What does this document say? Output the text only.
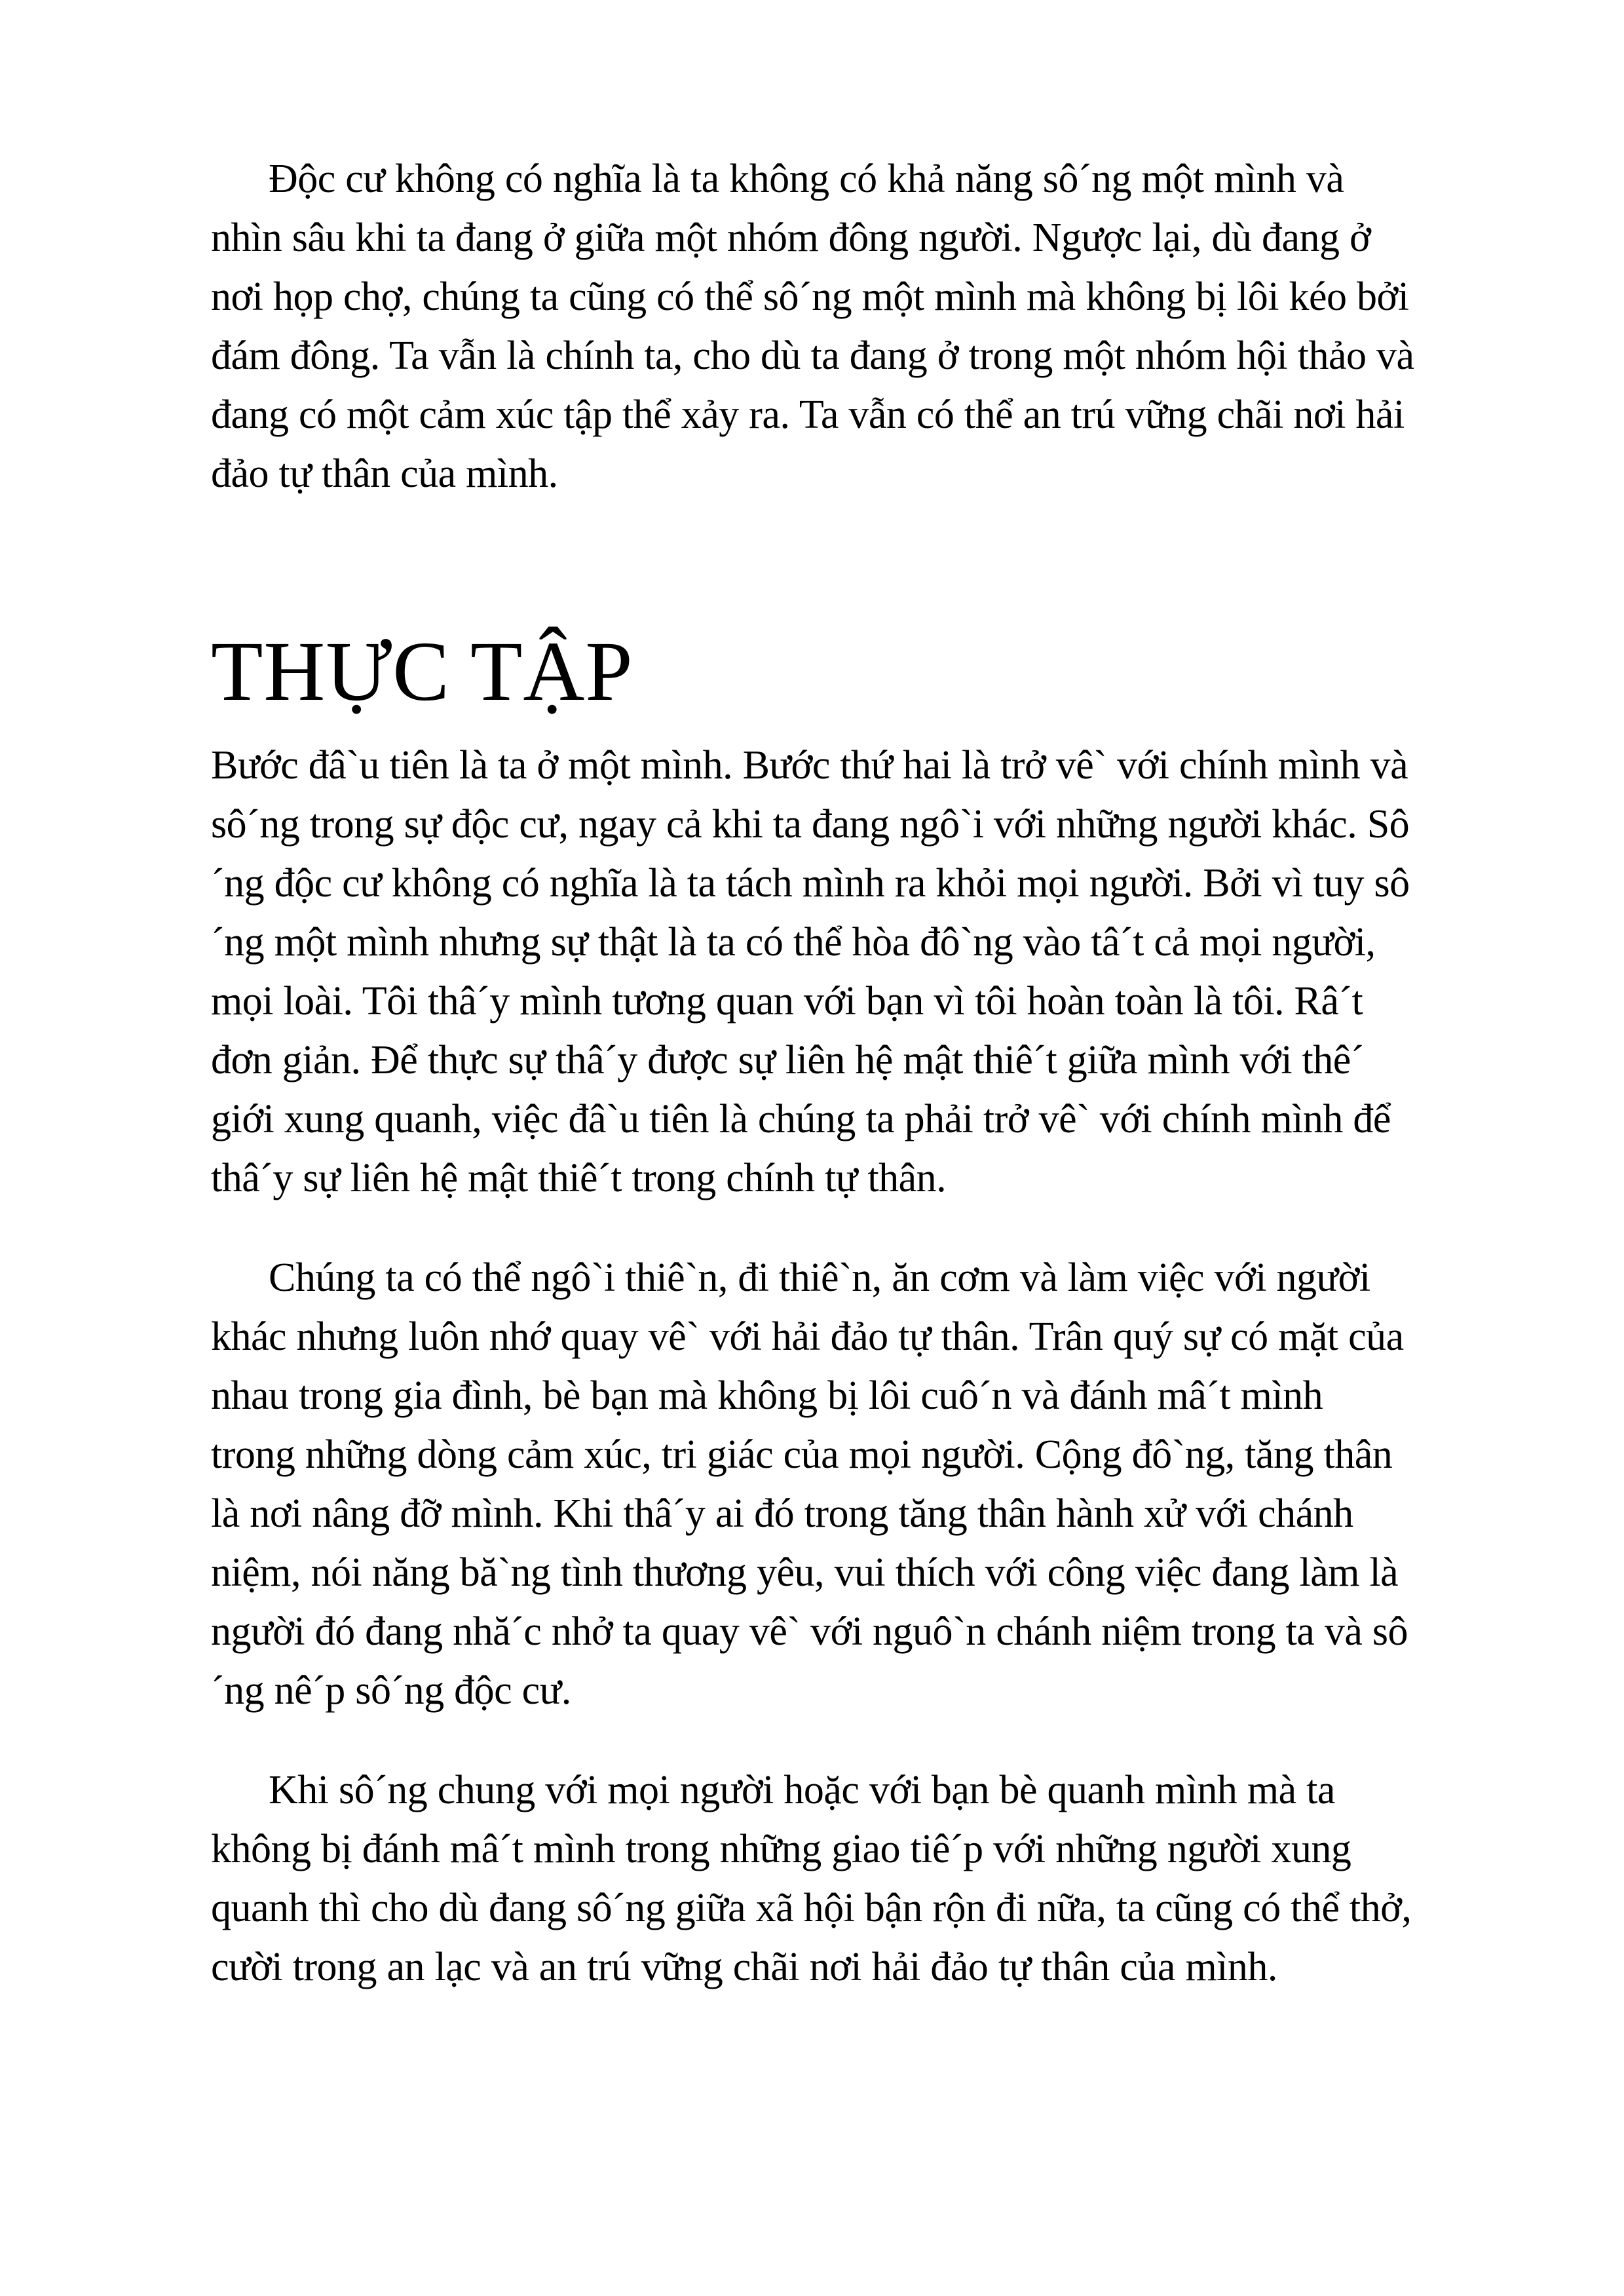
Độc cư không có nghĩa là ta không có khả năng sô´ng một mình và nhìn sâu khi ta đang ở giữa một nhóm đông người. Ngược lại, dù đang ở nơi họp chợ, chúng ta cũng có thể sô´ng một mình mà không bị lôi kéo bởi đám đông. Ta vẫn là chính ta, cho dù ta đang ở trong một nhóm hội thảo và đang có một cảm xúc tập thể xảy ra. Ta vẫn có thể an trú vững chãi nơi hải đảo tự thân của mình.

THỰC TẬP

Bước đâ`u tiên là ta ở một mình. Bước thứ hai là trở vê` với chính mình và sô´ng trong sự độc cư, ngay cả khi ta đang ngô`i với những người khác. Sô´ng độc cư không có nghĩa là ta tách mình ra khỏi mọi người. Bởi vì tuy sô´ng một mình nhưng sự thật là ta có thể hòa đô`ng vào tâ´t cả mọi người, mọi loài. Tôi thâ´y mình tương quan với bạn vì tôi hoàn toàn là tôi. Râ´t đơn giản. Để thực sự thâ´y được sự liên hệ mật thiê´t giữa mình với thê´ giới xung quanh, việc đâ`u tiên là chúng ta phải trở vê` với chính mình để thâ´y sự liên hệ mật thiê´t trong chính tự thân.

Chúng ta có thể ngô`i thiê`n, đi thiê`n, ăn cơm và làm việc với người khác nhưng luôn nhớ quay vê` với hải đảo tự thân. Trân quý sự có mặt của nhau trong gia đình, bè bạn mà không bị lôi cuô´n và đánh mâ´t mình trong những dòng cảm xúc, tri giác của mọi người. Cộng đô`ng, tăng thân là nơi nâng đỡ mình. Khi thâ´y ai đó trong tăng thân hành xử với chánh niệm, nói năng bă`ng tình thương yêu, vui thích với công việc đang làm là người đó đang nhă´c nhở ta quay vê` với nguô`n chánh niệm trong ta và sô´ng nê´p sô´ng độc cư.

Khi sô´ng chung với mọi người hoặc với bạn bè quanh mình mà ta không bị đánh mâ´t mình trong những giao tiê´p với những người xung quanh thì cho dù đang sô´ng giữa xã hội bận rộn đi nữa, ta cũng có thể thở, cười trong an lạc và an trú vững chãi nơi hải đảo tự thân của mình.
